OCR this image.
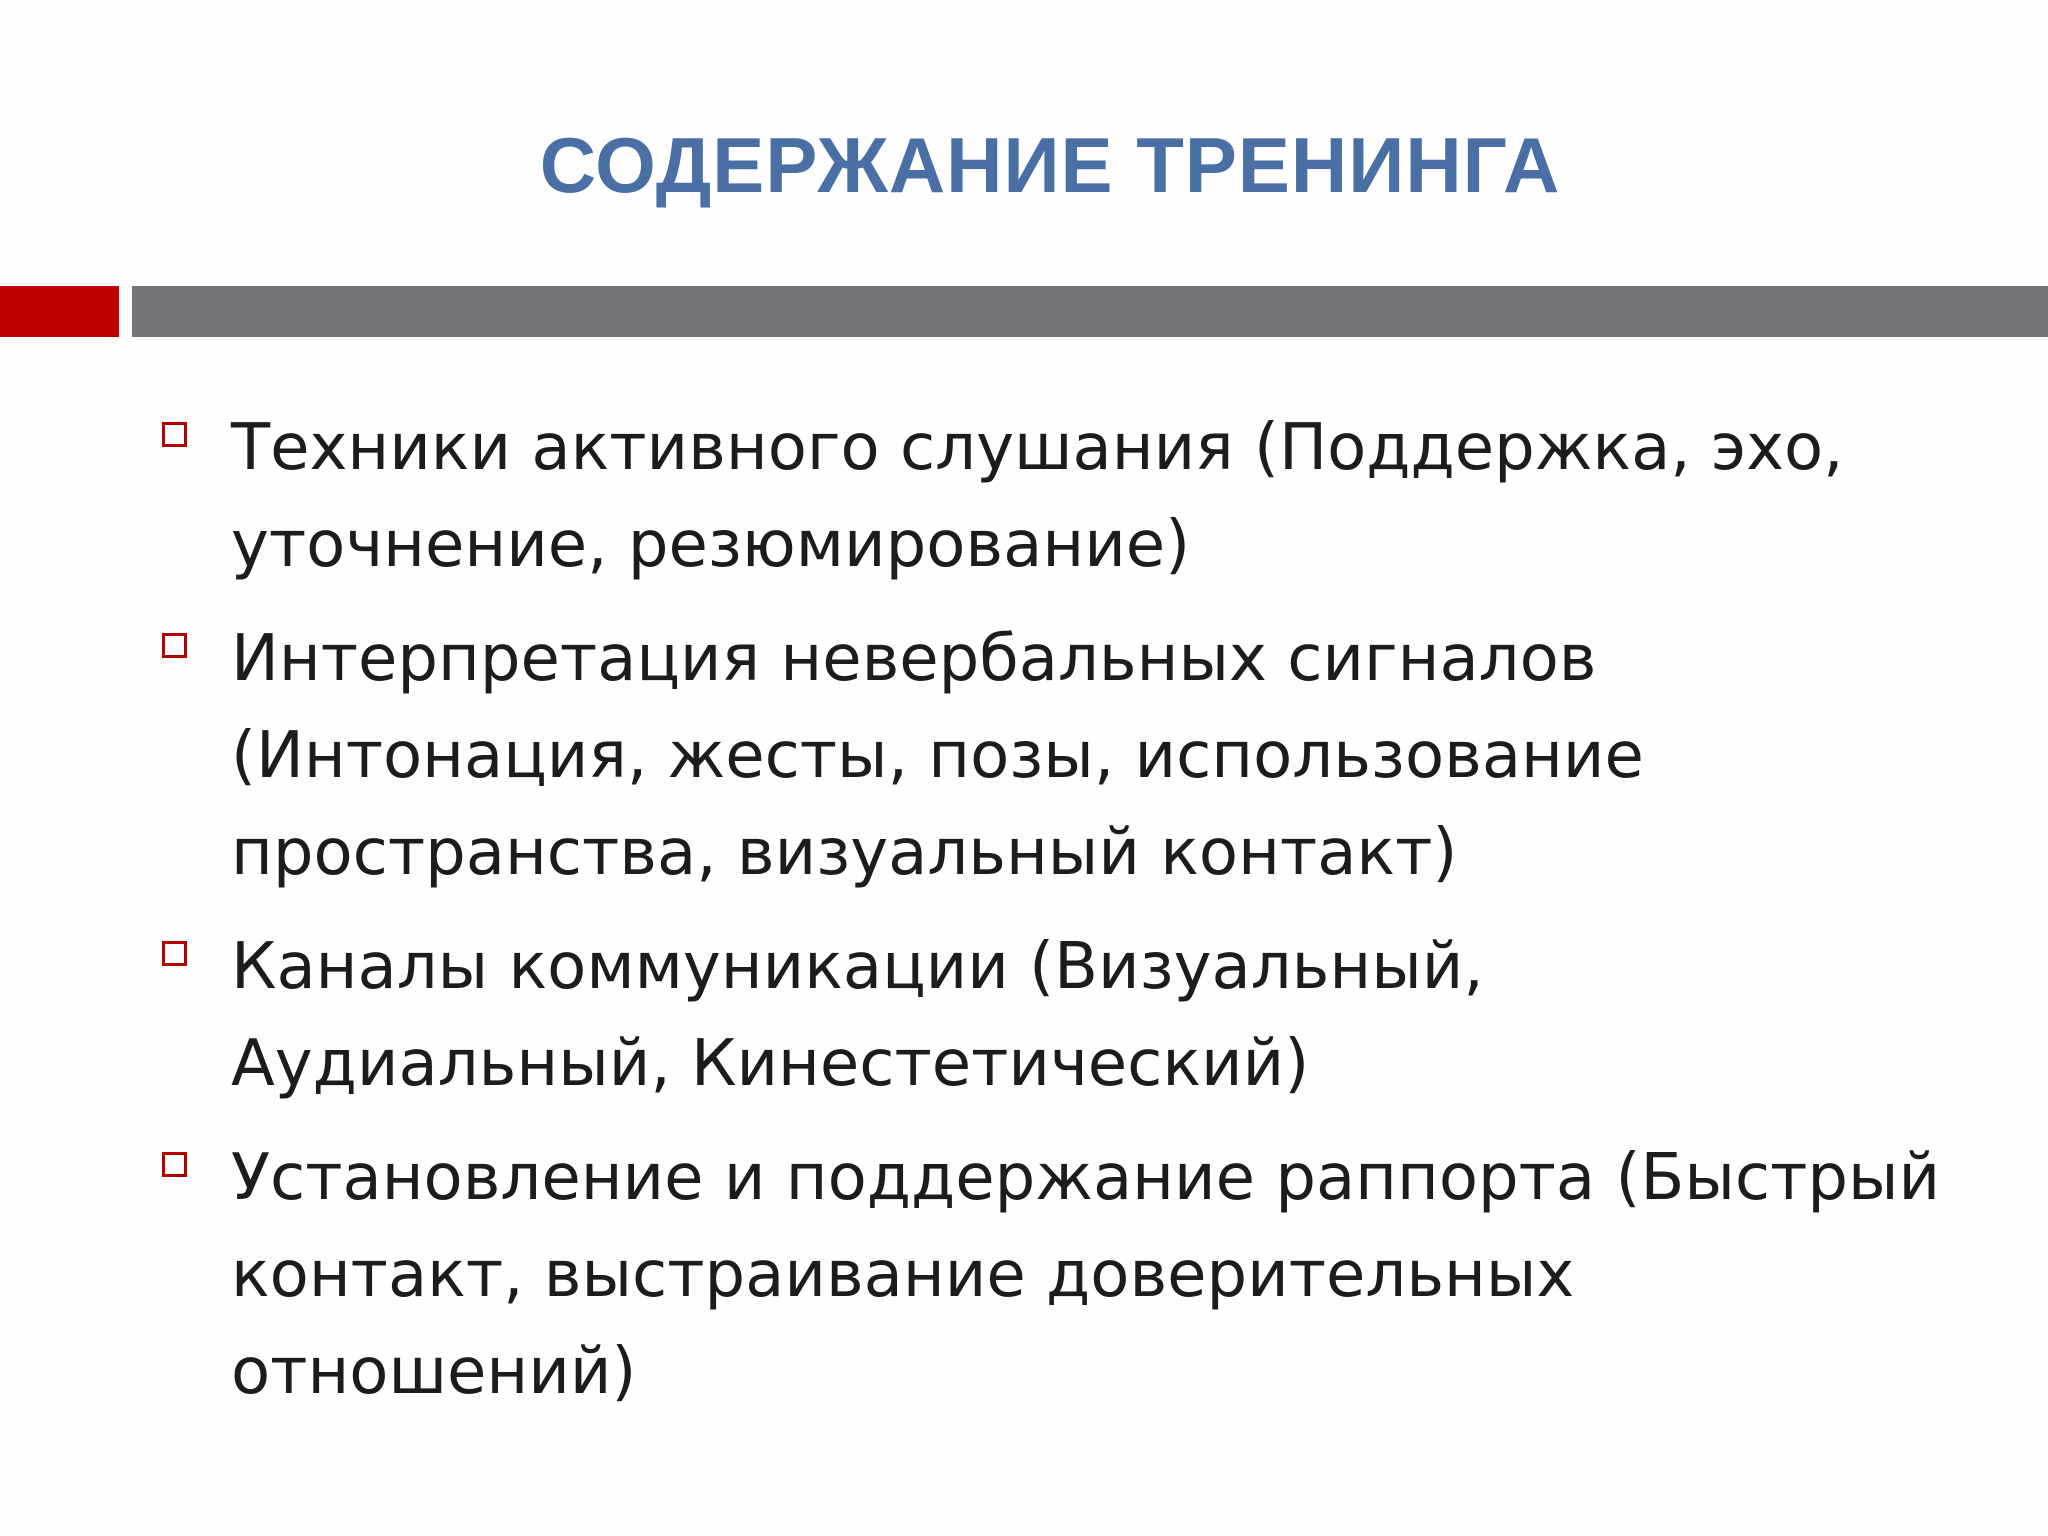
СОДЕРЖАНИЕ ТРЕНИНГА
Техники активного слушания (Поддержка, эхо,
уточнение, резюмирование)
Интерпретация невербальных сигналов
(Интонация, жесты, позы, использование
пространства, визуальный контакт)
Каналы коммуникации (Визуальный,
Аудиальный, Кинестетический)
Установление и поддержание раппорта (Быстрый
контакт, выстраивание доверительных
отношений)
